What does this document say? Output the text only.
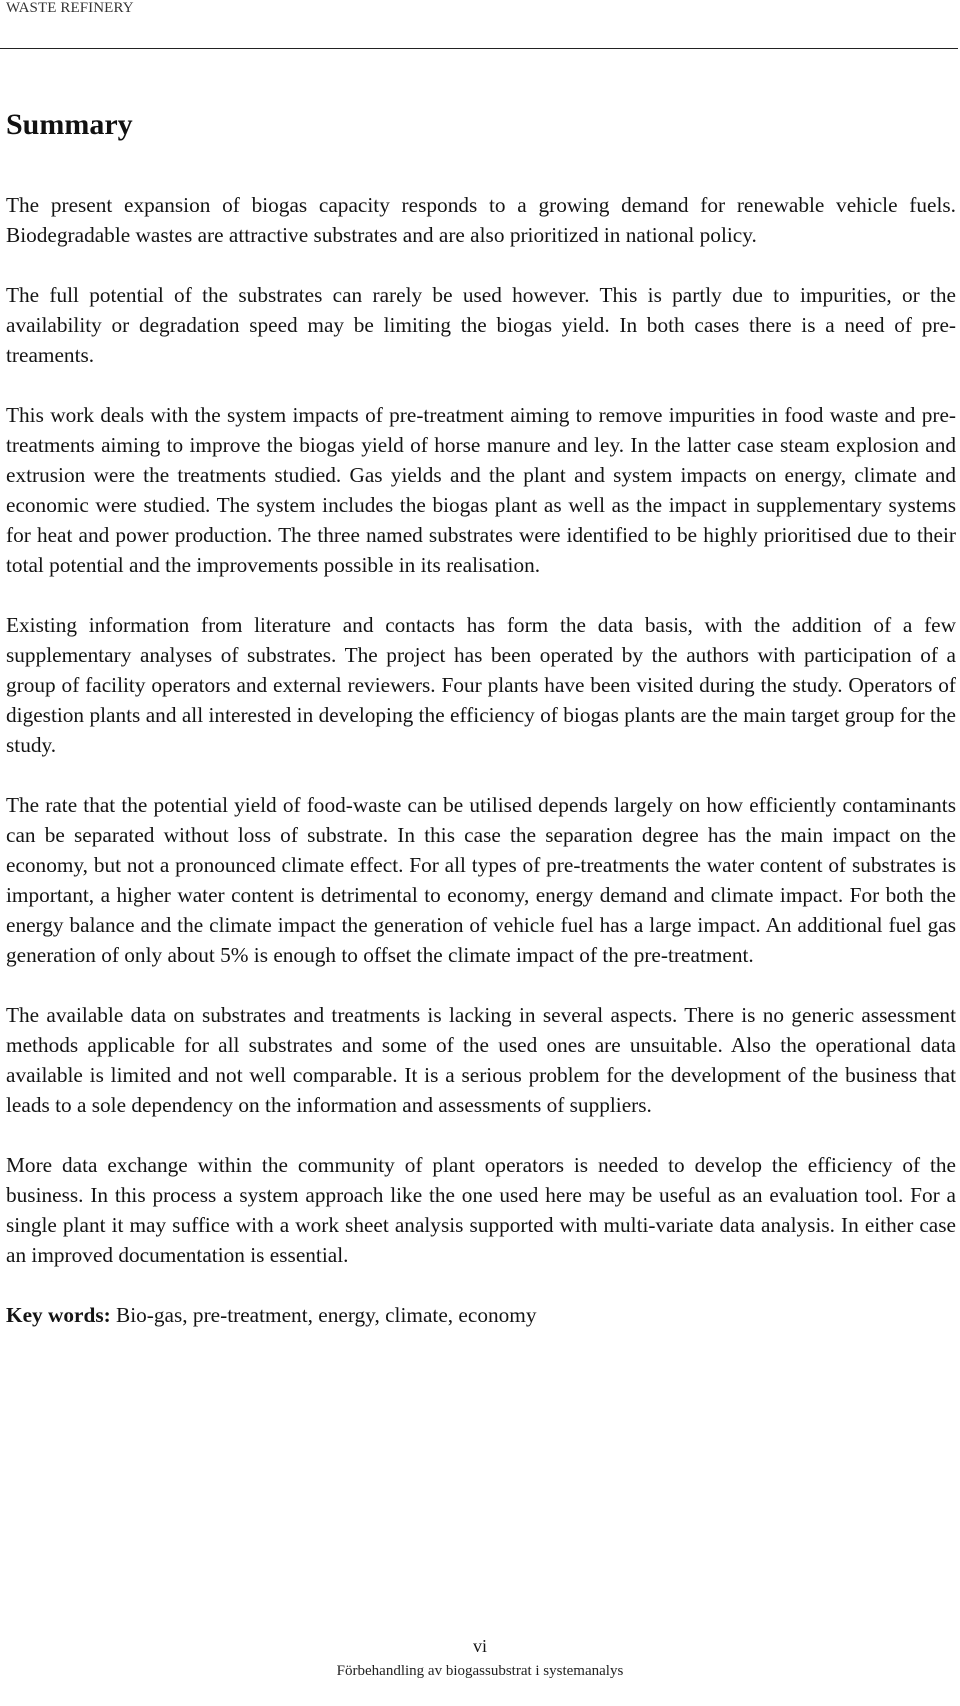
WASTE REFINERY
Summary

The present expansion of biogas capacity responds to a growing demand for renewable vehicle fuels. Biodegradable wastes are attractive substrates and are also prioritized in national policy.

The full potential of the substrates can rarely be used however. This is partly due to impurities, or the availability or degradation speed may be limiting the biogas yield. In both cases there is a need of pre-treaments.

This work deals with the system impacts of pre-treatment aiming to remove impurities in food waste and pre-treatments aiming to improve the biogas yield of horse manure and ley. In the latter case steam explosion and extrusion were the treatments studied. Gas yields and the plant and system impacts on energy, climate and economic were studied. The system includes the biogas plant as well as the impact in supplementary systems for heat and power production. The three named substrates were identified to be highly prioritised due to their total potential and the improvements possible in its realisation.

Existing information from literature and contacts has form the data basis, with the addition of a few supplementary analyses of substrates. The project has been operated by the authors with participation of a group of facility operators and external reviewers. Four plants have been visited during the study. Operators of digestion plants and all interested in developing the efficiency of biogas plants are the main target group for the study.

The rate that the potential yield of food-waste can be utilised depends largely on how efficiently contaminants can be separated without loss of substrate. In this case the separation degree has the main impact on the economy, but not a pronounced climate effect. For all types of pre-treatments the water content of substrates is important, a higher water content is detrimental to economy, energy demand and climate impact. For both the energy balance and the climate impact the generation of vehicle fuel has a large impact. An additional fuel gas generation of only about 5% is enough to offset the climate impact of the pre-treatment.

The available data on substrates and treatments is lacking in several aspects. There is no generic assessment methods applicable for all substrates and some of the used ones are unsuitable. Also the operational data available is limited and not well comparable. It is a serious problem for the development of the business that leads to a sole dependency on the information and assessments of suppliers.

More data exchange within the community of plant operators is needed to develop the efficiency of the business. In this process a system approach like the one used here may be useful as an evaluation tool. For a single plant it may suffice with a work sheet analysis supported with multi-variate data analysis. In either case an improved documentation is essential.

Key words: Bio-gas, pre-treatment, energy, climate, economy

vi
Förbehandling av biogassubstrat i systemanalys
